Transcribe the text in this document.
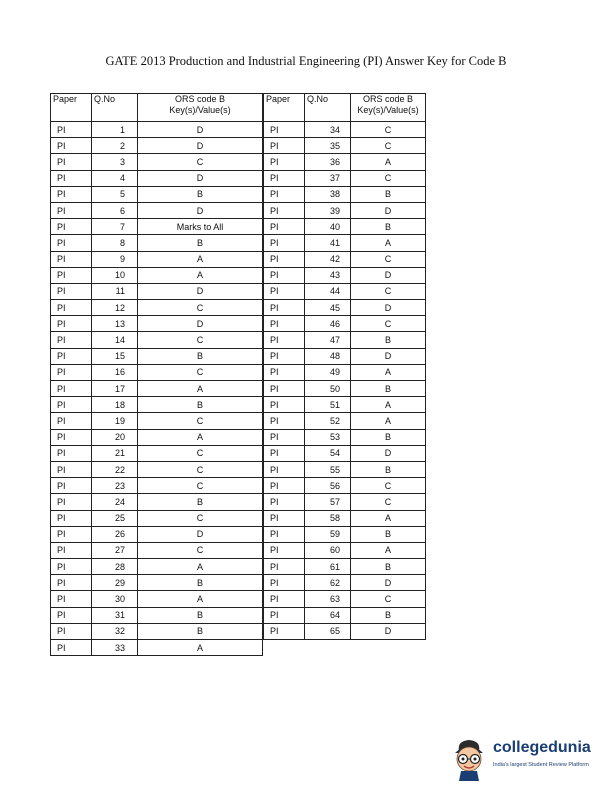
GATE 2013 Production and Industrial Engineering (PI) Answer Key for Code B
Paper	Q.No	ORS code B
Key(s)/Value(s)
PI	1	D
PI	2	D
PI	3	C
PI	4	D
PI	5	B
PI	6	D
PI	7	Marks to All
PI	8	B
PI	9	A
PI	10	A
PI	11	D
PI	12	C
PI	13	D
PI	14	C
PI	15	B
PI	16	C
PI	17	A
PI	18	B
PI	19	C
PI	20	A
PI	21	C
PI	22	C
PI	23	C
PI	24	B
PI	25	C
PI	26	D
PI	27	C
PI	28	A
PI	29	B
PI	30	A
PI	31	B
PI	32	B
PI	33	A
Paper	Q.No	ORS code B
Key(s)/Value(s)
PI	34	C
PI	35	C
PI	36	A
PI	37	C
PI	38	B
PI	39	D
PI	40	B
PI	41	A
PI	42	C
PI	43	D
PI	44	C
PI	45	D
PI	46	C
PI	47	B
PI	48	D
PI	49	A
PI	50	B
PI	51	A
PI	52	A
PI	53	B
PI	54	D
PI	55	B
PI	56	C
PI	57	C
PI	58	A
PI	59	B
PI	60	A
PI	61	B
PI	62	D
PI	63	C
PI	64	B
PI	65	D
collegedunia
India's largest Student Review Platform
